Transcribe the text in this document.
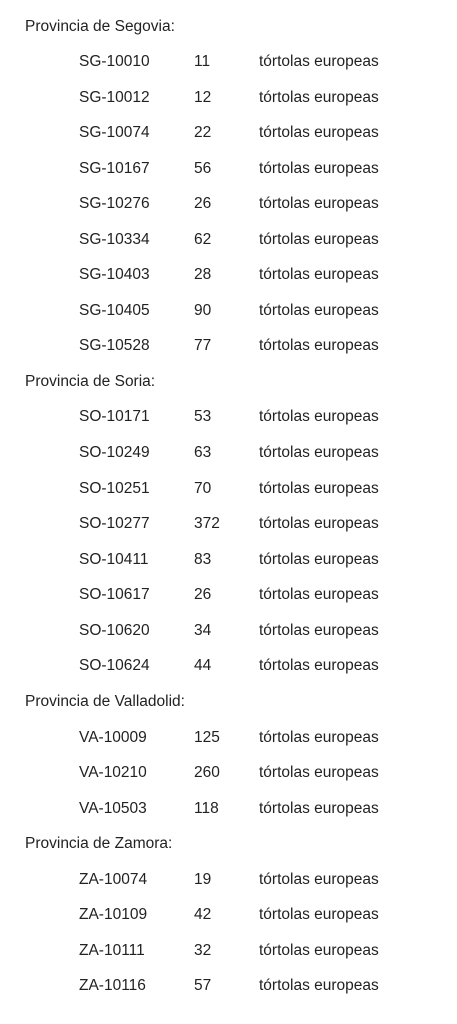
Provincia de Segovia:
SG-10010	11	tórtolas europeas
SG-10012	12	tórtolas europeas
SG-10074	22	tórtolas europeas
SG-10167	56	tórtolas europeas
SG-10276	26	tórtolas europeas
SG-10334	62	tórtolas europeas
SG-10403	28	tórtolas europeas
SG-10405	90	tórtolas europeas
SG-10528	77	tórtolas europeas
Provincia de Soria:
SO-10171	53	tórtolas europeas
SO-10249	63	tórtolas europeas
SO-10251	70	tórtolas europeas
SO-10277	372	tórtolas europeas
SO-10411	83	tórtolas europeas
SO-10617	26	tórtolas europeas
SO-10620	34	tórtolas europeas
SO-10624	44	tórtolas europeas
Provincia de Valladolid:
VA-10009	125	tórtolas europeas
VA-10210	260	tórtolas europeas
VA-10503	118	tórtolas europeas
Provincia de Zamora:
ZA-10074	19	tórtolas europeas
ZA-10109	42	tórtolas europeas
ZA-10111	32	tórtolas europeas
ZA-10116	57	tórtolas europeas
